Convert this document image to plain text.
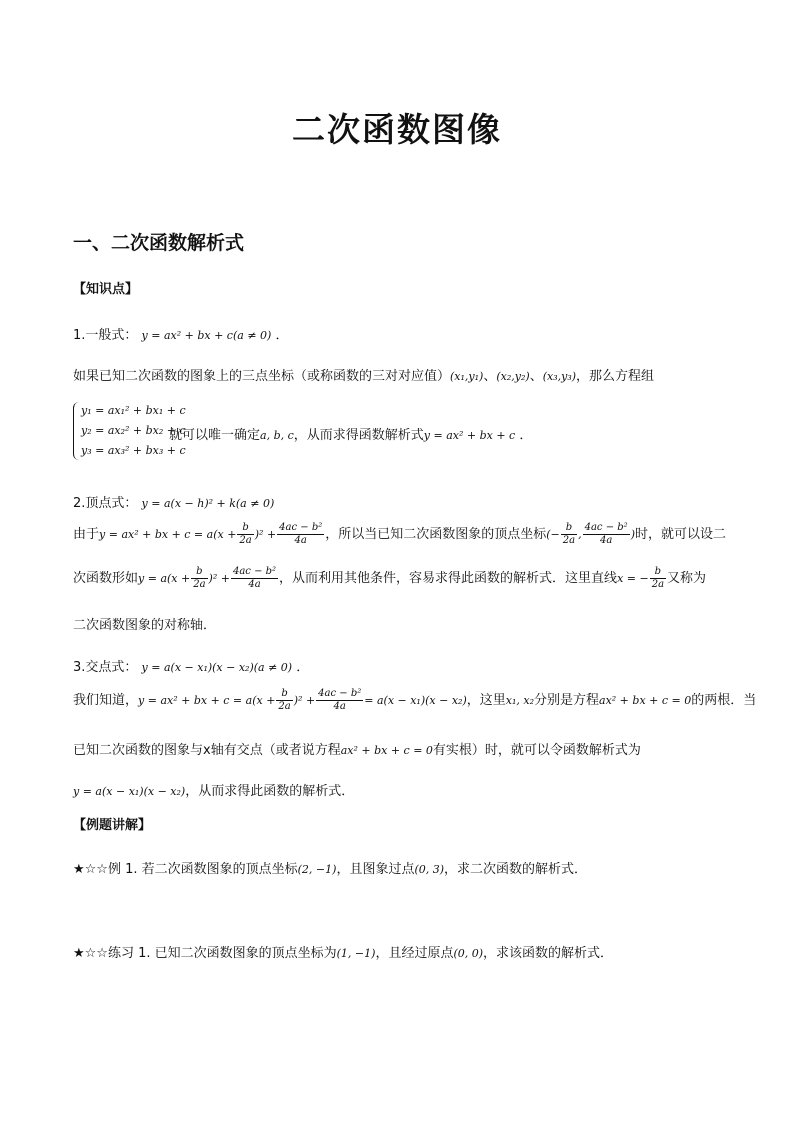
二次函数图像
一、二次函数解析式
【知识点】
1.一般式： y = ax² + bx + c(a ≠ 0) ．
如果已知二次函数的图象上的三点坐标（或称函数的三对对应值）(x₁,y₁)、(x₂,y₂)、(x₃,y₃)，那么方程组
y₁ = ax₁² + bx₁ + c
y₂ = ax₂² + bx₂ + c
y₃ = ax₃² + bx₃ + c
就可以唯一确定a, b, c，从而求得函数解析式y = ax² + bx + c ．
2.顶点式： y = a(x − h)² + k(a ≠ 0)
由于y = ax² + bx + $c = a(x + \frac{b}{2a} )^2 + \frac{\text{4ac − b²}}{4a}$ ，所以当已知二次函数图象的顶点坐标(− $\frac{b}{2a}$ , $\frac{\text{4ac − b²}}{4a}$ )时，就可以设二
次函数形如$y = a(x + \frac{b}{2a} )^2 + \frac{\text{4ac − b²}}{4a}$ ，从而利用其他条件，容易求得此函数的解析式．这里直线x = − $\frac{b}{2a}$ 又称为
二次函数图象的对称轴．
3.交点式： y = a(x − x₁)(x − x₂)(a ≠ 0) ．
我们知道，y = ax² + bx + $c = a(x + \frac{b}{2a} )^2 + \frac{\text{4ac − b²}}{4a} = a(x - x_1)(x - x_2)$，这里x₁, x₂分别是方程ax² + bx + c = 0的两根．当
已知二次函数的图象与x轴有交点（或者说方程ax² + bx + c = 0有实根）时，就可以令函数解析式为
y = a(x − x₁)(x − x₂)，从而求得此函数的解析式．
【例题讲解】
★☆☆例 1. 若二次函数图象的顶点坐标(2, −1)，且图象过点(0, 3)，求二次函数的解析式．
★☆☆练习 1. 已知二次函数图象的顶点坐标为(1, −1)，且经过原点(0, 0)，求该函数的解析式．
